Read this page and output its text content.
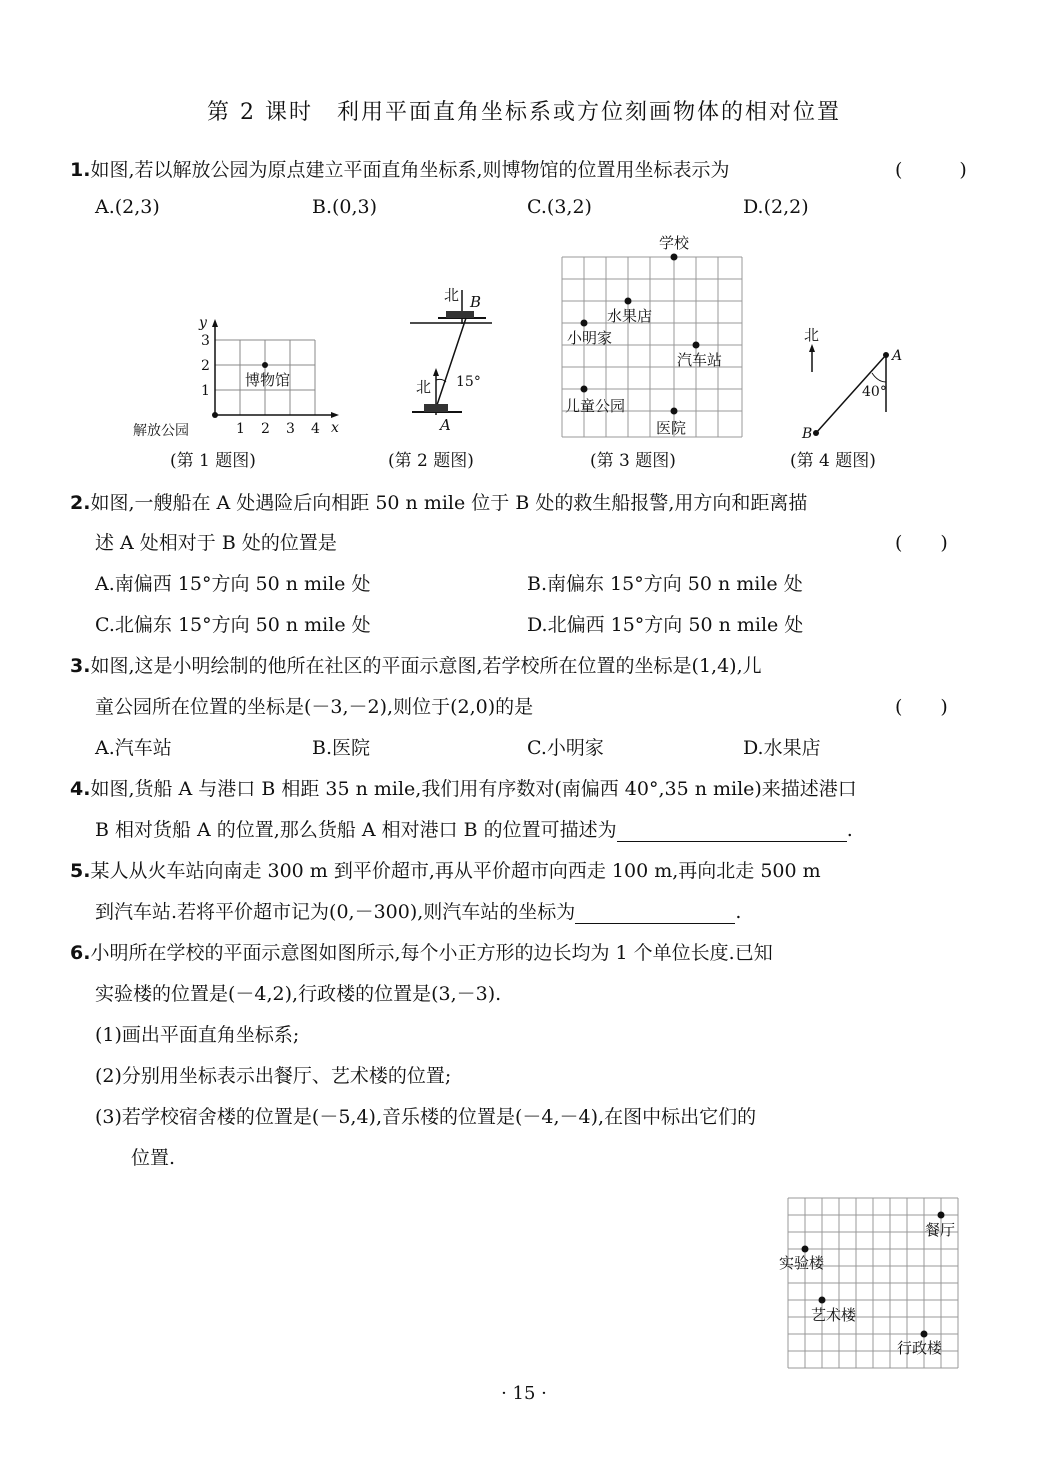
第 2 课时　利用平面直角坐标系或方位刻画物体的相对位置
1.如图,若以解放公园为原点建立平面直角坐标系,则博物馆的位置用坐标表示为	(　　　)
A.(2,3)	B.(0,3)	C.(3,2)	D.(2,2)
y
x
3
2
1
1 2 3 4
解放公园
博物馆
(第 1 题图)
北 B
北 15°
A
(第 2 题图)
学校
水果店
小明家
汽车站
儿童公园
医院
(第 3 题图)
北
A
40°
B
(第 4 题图)
2.如图,一艘船在 A 处遇险后向相距 50 n mile 位于 B 处的救生船报警,用方向和距离描
述 A 处相对于 B 处的位置是	(　　)
A.南偏西 15°方向 50 n mile 处	B.南偏东 15°方向 50 n mile 处
C.北偏东 15°方向 50 n mile 处	D.北偏西 15°方向 50 n mile 处
3.如图,这是小明绘制的他所在社区的平面示意图,若学校所在位置的坐标是(1,4),儿
童公园所在位置的坐标是(－3,－2),则位于(2,0)的是	(　　)
A.汽车站	B.医院	C.小明家	D.水果店
4.如图,货船 A 与港口 B 相距 35 n mile,我们用有序数对(南偏西 40°,35 n mile)来描述港口
B 相对货船 A 的位置,那么货船 A 相对港口 B 的位置可描述为	.
5.某人从火车站向南走 300 m 到平价超市,再从平价超市向西走 100 m,再向北走 500 m
到汽车站.若将平价超市记为(0,－300),则汽车站的坐标为	.
6.小明所在学校的平面示意图如图所示,每个小正方形的边长均为 1 个单位长度.已知
实验楼的位置是(－4,2),行政楼的位置是(3,－3).
(1)画出平面直角坐标系;
(2)分别用坐标表示出餐厅、艺术楼的位置;
(3)若学校宿舍楼的位置是(－5,4),音乐楼的位置是(－4,－4),在图中标出它们的
位置.
餐厅
实验楼
艺术楼
行政楼
· 15 ·
